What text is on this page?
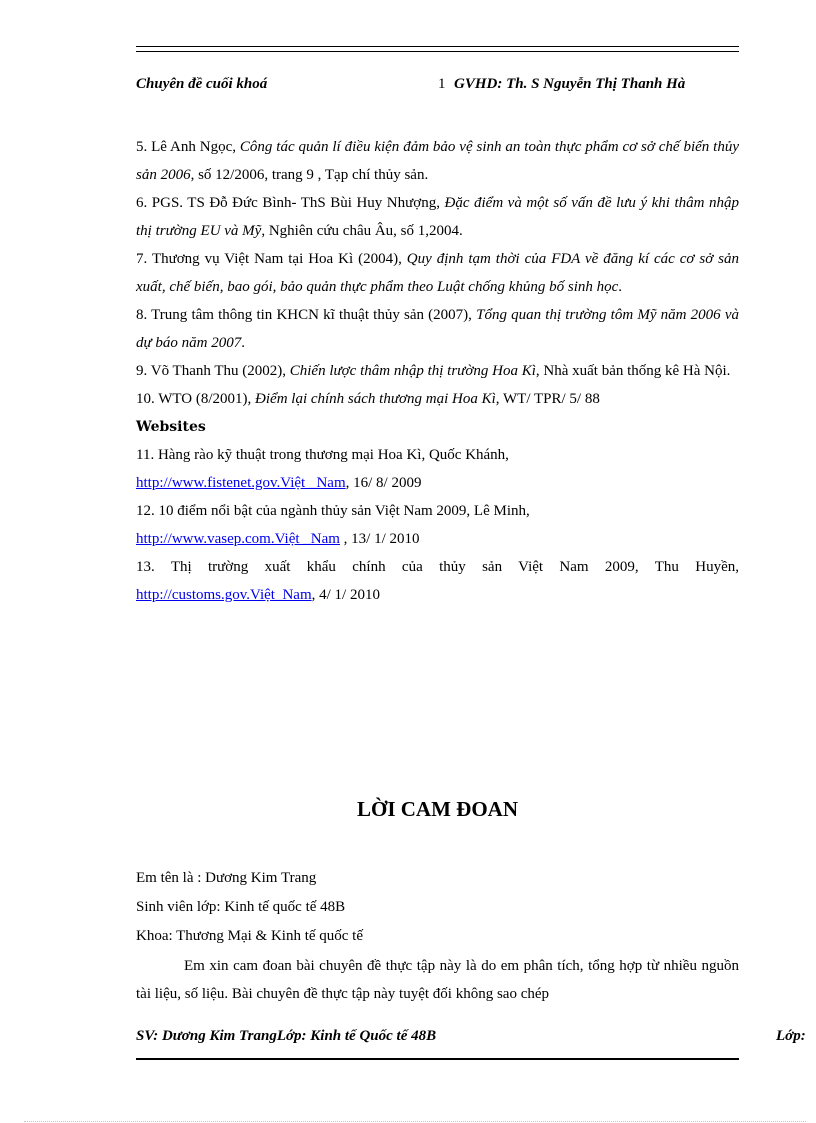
Chuyên đề cuối khoá	1 GVHD: Th. S Nguyễn Thị Thanh Hà
5. Lê Anh Ngọc, Công tác quản lí điều kiện đảm bảo vệ sinh an toàn thực phẩm cơ sở chế biến thủy sản 2006, số 12/2006, trang 9 , Tạp chí thủy sản.
6. PGS. TS Đỗ Đức Bình- ThS Bùi Huy Nhượng, Đặc điểm và một số vấn đề lưu ý khi thâm nhập thị trường EU và Mỹ, Nghiên cứu châu Âu, số 1,2004.
7. Thương vụ Việt Nam tại Hoa Kì (2004), Quy định tạm thời của FDA về đăng kí các cơ sở sản xuất, chế biến, bao gói, bảo quản thực phẩm theo Luật chống khủng bố sinh học.
8. Trung tâm thông tin KHCN kĩ thuật thủy sản (2007), Tổng quan thị trường tôm Mỹ năm 2006 và dự báo năm 2007.
9. Võ Thanh Thu (2002), Chiến lược thâm nhập thị trường Hoa Kì, Nhà xuất bản thống kê Hà Nội.
10. WTO (8/2001), Điểm lại chính sách thương mại Hoa Kì, WT/ TPR/ 5/ 88
Websites
11. Hàng rào kỹ thuật trong thương mại Hoa Kì, Quốc Khánh,
http://www.fistenet.gov.Việt _Nam, 16/ 8/ 2009
12. 10 điểm nổi bật của ngành thủy sản Việt Nam 2009, Lê Minh,
http://www.vasep.com.Việt _Nam , 13/ 1/ 2010
13. Thị trường xuất khẩu chính của thủy sản Việt Nam 2009, Thu Huyền,
http://customs.gov.Việt_Nam, 4/ 1/ 2010
LỜI CAM ĐOAN
Em tên là : Dương Kim Trang
Sinh viên lớp: Kinh tế quốc tế 48B
Khoa: Thương Mại & Kinh tế quốc tế
Em xin cam đoan bài chuyên đề thực tập này là do em phân tích, tổng hợp từ nhiều nguồn tài liệu, số liệu. Bài chuyên đề thực tập này tuyệt đối không sao chép
SV: Dương Kim TrangLớp: Kinh tế Quốc tế 48B	Lớp:
